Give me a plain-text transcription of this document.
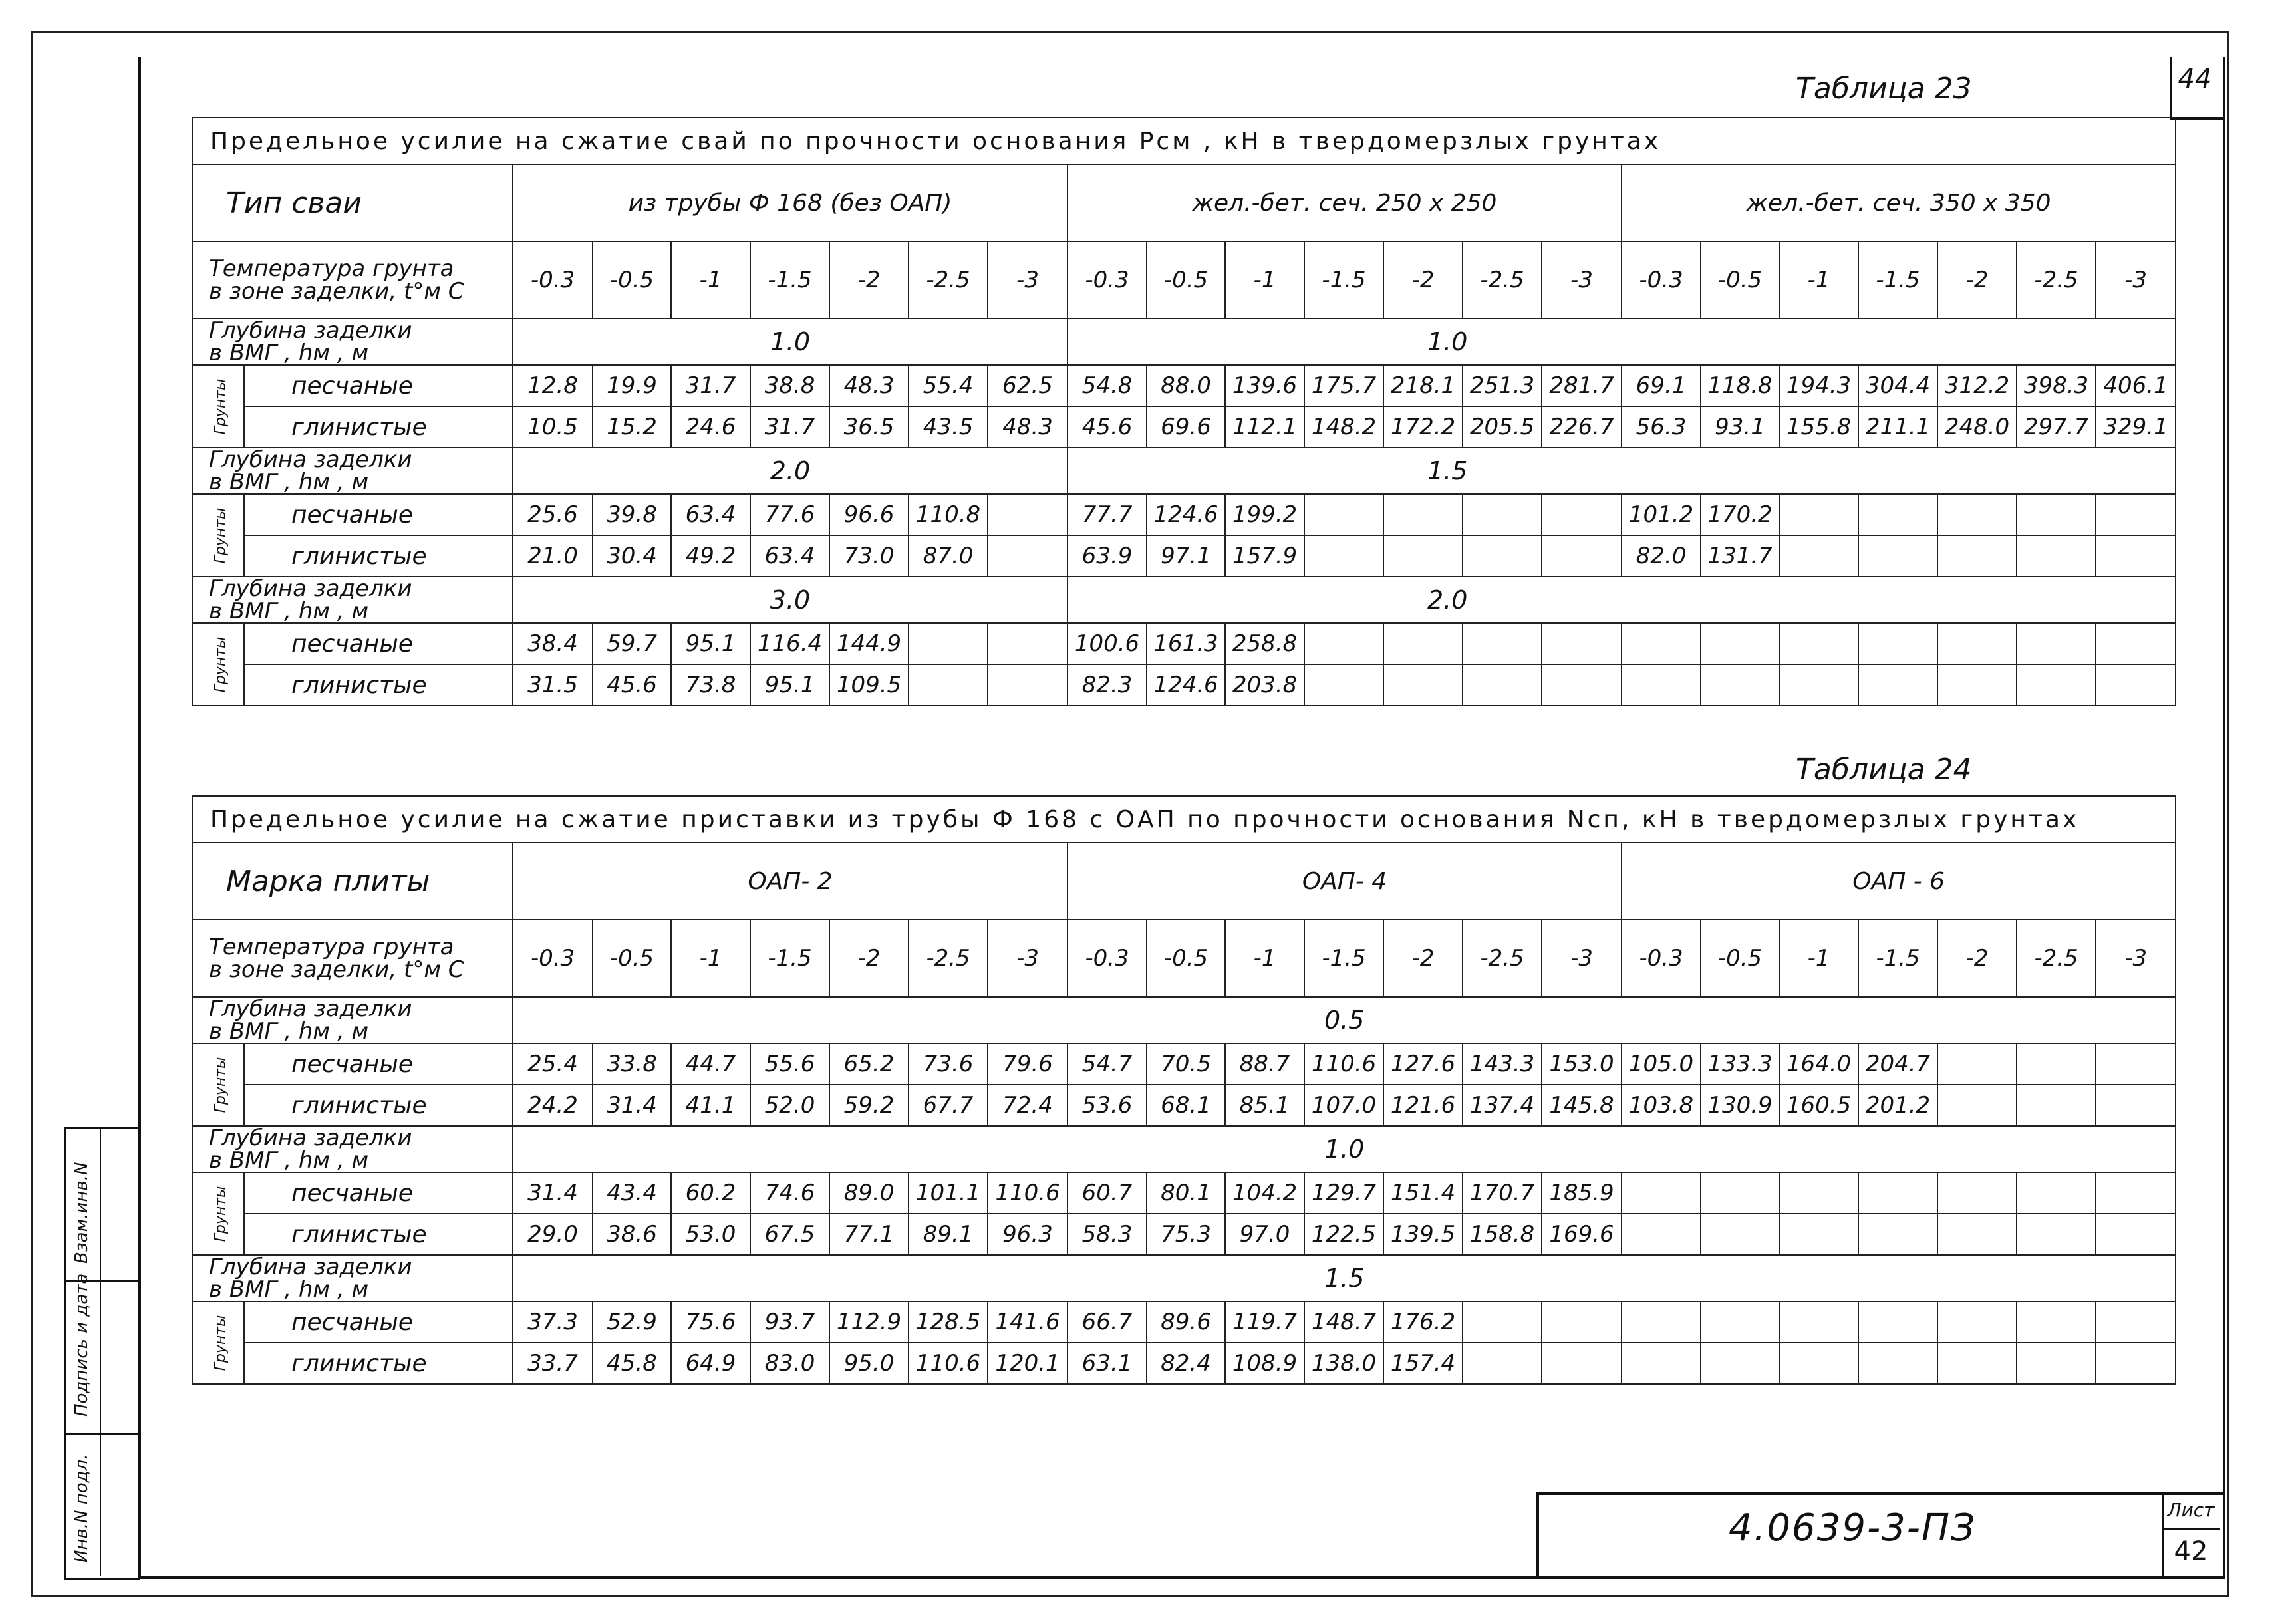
44
Таблица 23
Предельное усилие на сжатие свай по прочности основания Рсм , кН в твердомерзлых грунтах																						
Тип сваи		из трубы Ф 168 (без ОАП)							жел.-бет. сеч. 250 х 250							жел.-бет. сеч. 350 х 350						

Температура грунта
в зоне заделки, t°м С		-0.3	-0.5	-1	-1.5	-2	-2.5	-3	-0.3	-0.5	-1	-1.5	-2	-2.5	-3	-0.3	-0.5	-1	-1.5	-2	-2.5	-3

Глубина заделки
в ВМГ , hм , м		1.0							1.0													
Грунты	песчаные	12.8	19.9	31.7	38.8	48.3	55.4	62.5	54.8	88.0	139.6	175.7	218.1	251.3	281.7	69.1	118.8	194.3	304.4	312.2	398.3	406.1
	глинистые	10.5	15.2	24.6	31.7	36.5	43.5	48.3	45.6	69.6	112.1	148.2	172.2	205.5	226.7	56.3	93.1	155.8	211.1	248.0	297.7	329.1

Глубина заделки
в ВМГ , hм , м		2.0							1.5													
Грунты	песчаные	25.6	39.8	63.4	77.6	96.6	110.8		77.7	124.6	199.2					101.2	170.2					
	глинистые	21.0	30.4	49.2	63.4	73.0	87.0		63.9	97.1	157.9					82.0	131.7					

Глубина заделки
в ВМГ , hм , м		3.0							2.0													
Грунты	песчаные	38.4	59.7	95.1	116.4	144.9			100.6	161.3	258.8											
	глинистые	31.5	45.6	73.8	95.1	109.5			82.3	124.6	203.8											
Таблица 24
Предельное усилие на сжатие приставки из трубы Ф 168 с ОАП по прочности основания Nсп, кН в твердомерзлых грунтах																						
Марка плиты		ОАП- 2							ОАП- 4							ОАП - 6						

Температура грунта
в зоне заделки, t°м С		-0.3	-0.5	-1	-1.5	-2	-2.5	-3	-0.3	-0.5	-1	-1.5	-2	-2.5	-3	-0.3	-0.5	-1	-1.5	-2	-2.5	-3

Глубина заделки
в ВМГ , hм , м		0.5																				
Грунты	песчаные	25.4	33.8	44.7	55.6	65.2	73.6	79.6	54.7	70.5	88.7	110.6	127.6	143.3	153.0	105.0	133.3	164.0	204.7			
	глинистые	24.2	31.4	41.1	52.0	59.2	67.7	72.4	53.6	68.1	85.1	107.0	121.6	137.4	145.8	103.8	130.9	160.5	201.2			

Глубина заделки
в ВМГ , hм , м		1.0																				
Грунты	песчаные	31.4	43.4	60.2	74.6	89.0	101.1	110.6	60.7	80.1	104.2	129.7	151.4	170.7	185.9							
	глинистые	29.0	38.6	53.0	67.5	77.1	89.1	96.3	58.3	75.3	97.0	122.5	139.5	158.8	169.6							

Глубина заделки
в ВМГ , hм , м		1.5																				
Грунты	песчаные	37.3	52.9	75.6	93.7	112.9	128.5	141.6	66.7	89.6	119.7	148.7	176.2									
	глинистые	33.7	45.8	64.9	83.0	95.0	110.6	120.1	63.1	82.4	108.9	138.0	157.4									
Инв.N подл.
Подпись и дата
Взам.инв.N
4.0639-3-ПЗ	Лист
42
